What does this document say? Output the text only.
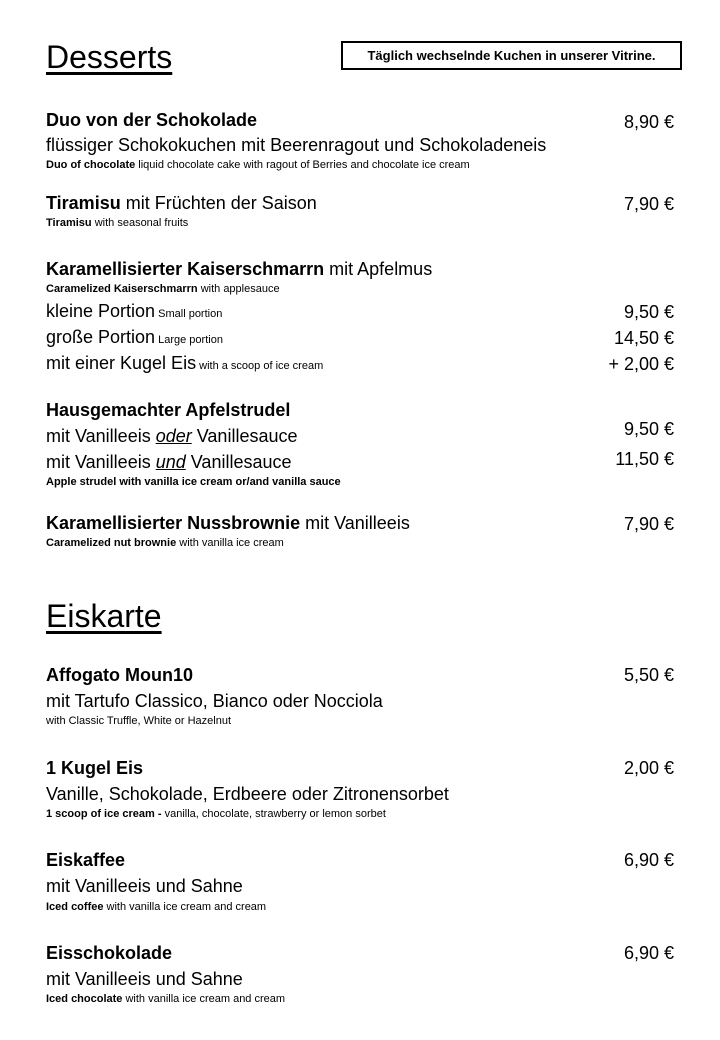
Desserts	Täglich wechselnde Kuchen in unserer Vitrine.
Duo von der Schokolade
flüssiger Schokokuchen mit Beerenragout und Schokoladeneis
Duo of chocolate liquid chocolate cake with ragout of Berries and chocolate ice cream
8,90 €
Tiramisu mit Früchten der Saison
Tiramisu with seasonal fruits
7,90 €
Karamellisierter Kaiserschmarrn mit Apfelmus
Caramelized Kaiserschmarrn with applesauce
kleine Portion Small portion	9,50 €
große Portion Large portion	14,50 €
mit einer Kugel Eis with a scoop of ice cream	+ 2,00 €
Hausgemachter Apfelstrudel
mit Vanilleeis oder Vanillesauce	9,50 €
mit Vanilleeis und Vanillesauce	11,50 €
Apple strudel with vanilla ice cream or/and vanilla sauce
Karamellisierter Nussbrownie mit Vanilleeis
Caramelized nut brownie with vanilla ice cream
7,90 €
Eiskarte
Affogato Moun10
mit Tartufo Classico, Bianco oder Nocciola
with Classic Truffle, White or Hazelnut
5,50 €
1 Kugel Eis
Vanille, Schokolade, Erdbeere oder Zitronensorbet
1 scoop of ice cream - vanilla, chocolate, strawberry or lemon sorbet
2,00 €
Eiskaffee
mit Vanilleeis und Sahne
Iced coffee with vanilla ice cream and cream
6,90 €
Eisschokolade
mit Vanilleeis und Sahne
Iced chocolate with vanilla ice cream and cream
6,90 €
